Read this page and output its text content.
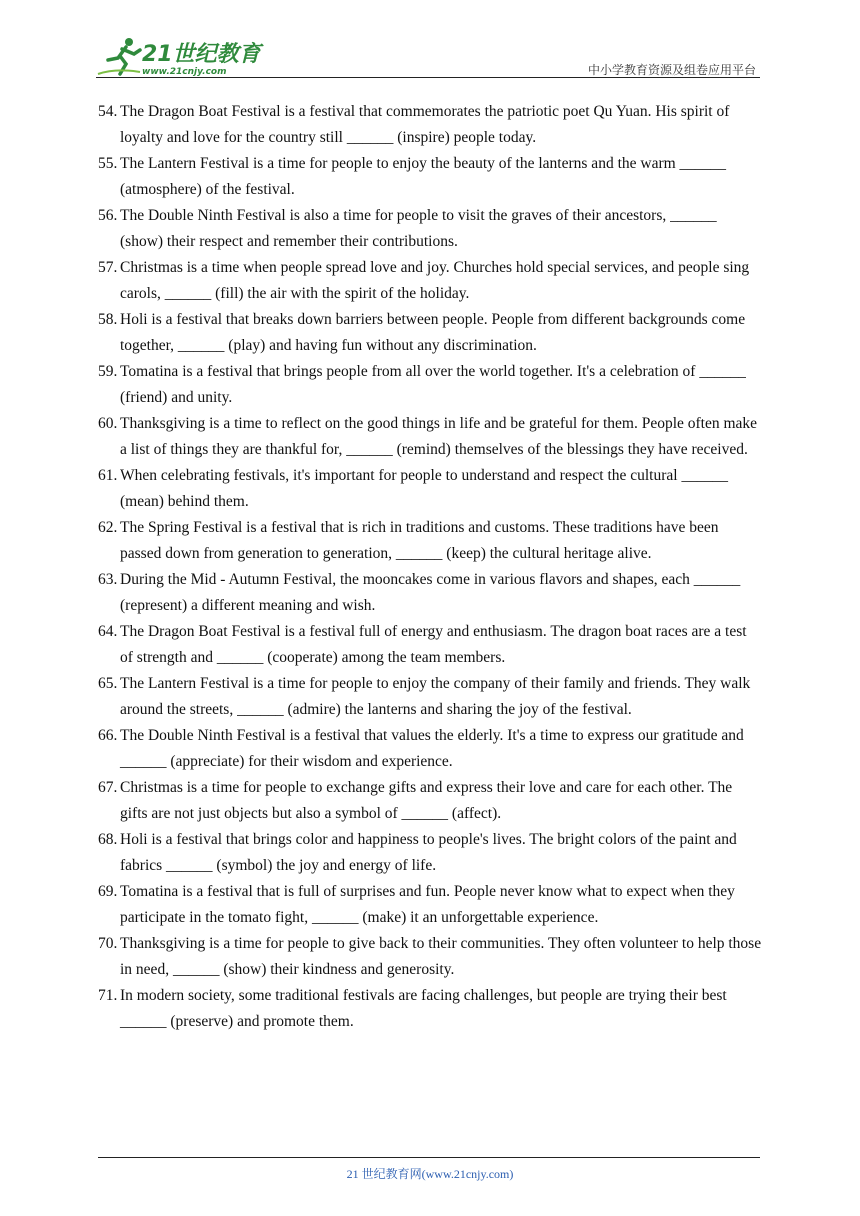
21世纪教育
www.21cnjy.com	中小学教育资源及组卷应用平台
54. The Dragon Boat Festival is a festival that commemorates the patriotic poet Qu Yuan. His spirit of loyalty and love for the country still ______ (inspire) people today.
55. The Lantern Festival is a time for people to enjoy the beauty of the lanterns and the warm ______ (atmosphere) of the festival.
56. The Double Ninth Festival is also a time for people to visit the graves of their ancestors, ______ (show) their respect and remember their contributions.
57. Christmas is a time when people spread love and joy. Churches hold special services, and people sing carols, ______ (fill) the air with the spirit of the holiday.
58. Holi is a festival that breaks down barriers between people. People from different backgrounds come together, ______ (play) and having fun without any discrimination.
59. Tomatina is a festival that brings people from all over the world together. It's a celebration of ______ (friend) and unity.
60. Thanksgiving is a time to reflect on the good things in life and be grateful for them. People often make a list of things they are thankful for, ______ (remind) themselves of the blessings they have received.
61. When celebrating festivals, it's important for people to understand and respect the cultural ______ (mean) behind them.
62. The Spring Festival is a festival that is rich in traditions and customs. These traditions have been passed down from generation to generation, ______ (keep) the cultural heritage alive.
63. During the Mid - Autumn Festival, the mooncakes come in various flavors and shapes, each ______ (represent) a different meaning and wish.
64. The Dragon Boat Festival is a festival full of energy and enthusiasm. The dragon boat races are a test of strength and ______ (cooperate) among the team members.
65. The Lantern Festival is a time for people to enjoy the company of their family and friends. They walk around the streets, ______ (admire) the lanterns and sharing the joy of the festival.
66. The Double Ninth Festival is a festival that values the elderly. It's a time to express our gratitude and ______ (appreciate) for their wisdom and experience.
67. Christmas is a time for people to exchange gifts and express their love and care for each other. The gifts are not just objects but also a symbol of ______ (affect).
68. Holi is a festival that brings color and happiness to people's lives. The bright colors of the paint and fabrics ______ (symbol) the joy and energy of life.
69. Tomatina is a festival that is full of surprises and fun. People never know what to expect when they participate in the tomato fight, ______ (make) it an unforgettable experience.
70. Thanksgiving is a time for people to give back to their communities. They often volunteer to help those in need, ______ (show) their kindness and generosity.
71. In modern society, some traditional festivals are facing challenges, but people are trying their best ______ (preserve) and promote them.
21 世纪教育网(www.21cnjy.com)
